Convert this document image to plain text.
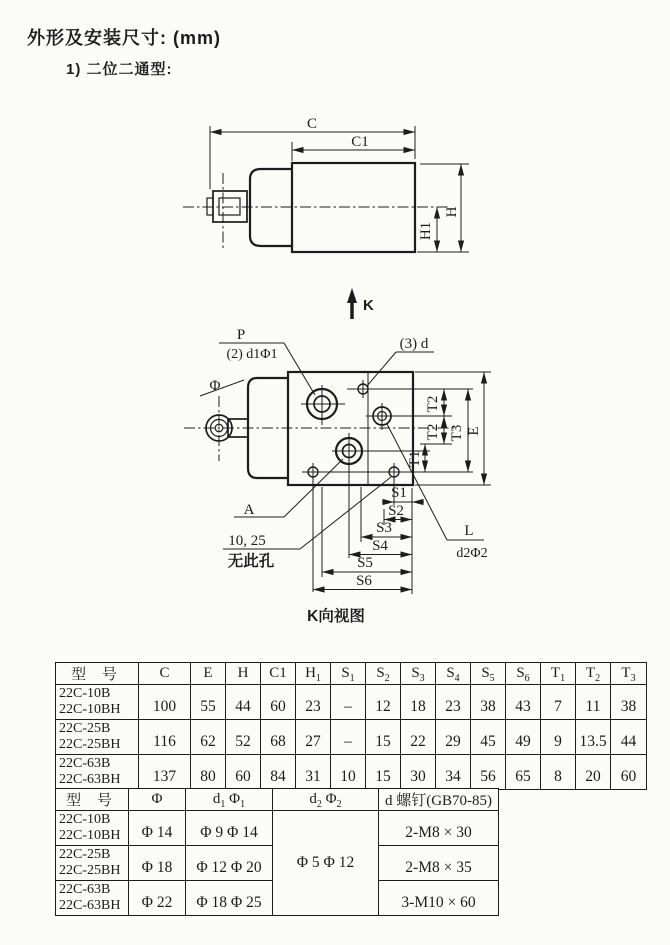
外形及安装尺寸: (mm)
1) 二位二通型:
C
C1
H
H1
K
P
(2) d1Φ1
(3) d
Φ
A
10, 25
无此孔
L
d2Φ2
S1
S2
S3
S4
S5
S6
E
T3
T2
T2
T1
K向视图
型 号	C	E	H	C1	$H_1$	$S_1$	$S_2$	$S_3$	$S_4$	$S_5$	$S_6$	$T_1$	$T_2$	$T_3$

22C-10B
22C-10BH	100	55	44	60	23	–	12	18	23	38	43	7	11	38

22C-25B
22C-25BH	116	62	52	68	27	–	15	22	29	45	49	9	13.5	44

22C-63B
22C-63BH	137	80	60	84	31	10	15	30	34	56	65	8	20	60
型 号	Φ	$d_1$ $\Phi_1$	$d_2$ $\Phi_2$	d 螺钉(GB70-85)

22C-10B
22C-10BH	Φ 14	Φ 9 Φ 14	Φ 5 Φ 12	2-M8 × 30

22C-25B
22C-25BH	Φ 18	Φ 12 Φ 20		2-M8 × 35

22C-63B
22C-63BH	Φ 22	Φ 18 Φ 25		3-M10 × 60
